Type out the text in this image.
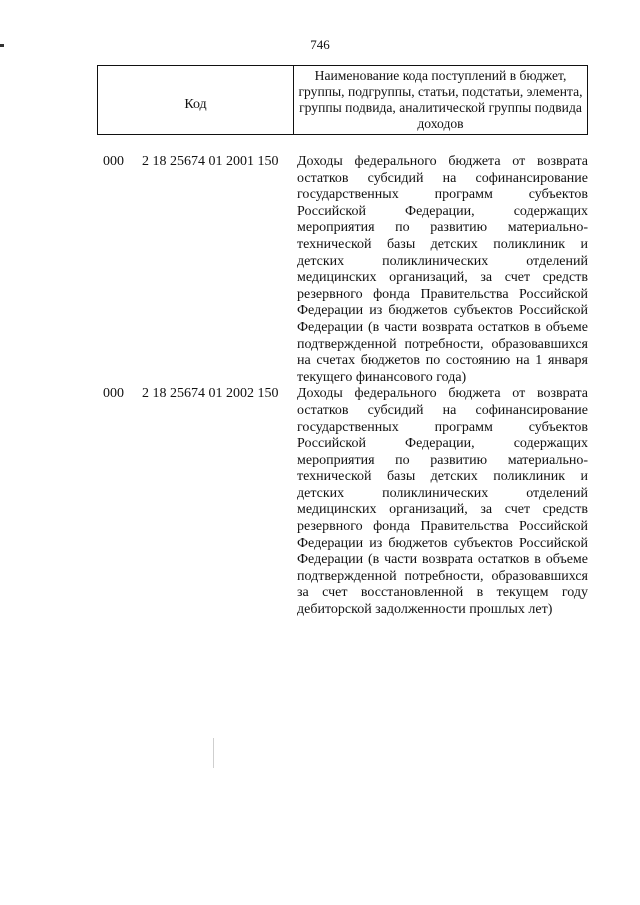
746
Код
Наименование кода поступлений в бюджет, группы, подгруппы, статьи, подстатьи, элемента, группы подвида, аналитической группы подвида доходов
000 2 18 25674 01 2001 150 Доходы федерального бюджета от возврата остатков субсидий на софинансирование государственных программ субъектов Российской Федерации, содержащих мероприятия по развитию материально-технической базы детских поликлиник и детских поликлинических отделений медицинских организаций, за счет средств резервного фонда Правительства Российской Федерации из бюджетов субъектов Российской Федерации (в части возврата остатков в объеме подтвержденной потребности, образовавшихся на счетах бюджетов по состоянию на 1 января текущего финансового года)
000 2 18 25674 01 2002 150 Доходы федерального бюджета от возврата остатков субсидий на софинансирование государственных программ субъектов Российской Федерации, содержащих мероприятия по развитию материально-технической базы детских поликлиник и детских поликлинических отделений медицинских организаций, за счет средств резервного фонда Правительства Российской Федерации из бюджетов субъектов Российской Федерации (в части возврата остатков в объеме подтвержденной потребности, образовавшихся за счет восстановленной в текущем году дебиторской задолженности прошлых лет)
